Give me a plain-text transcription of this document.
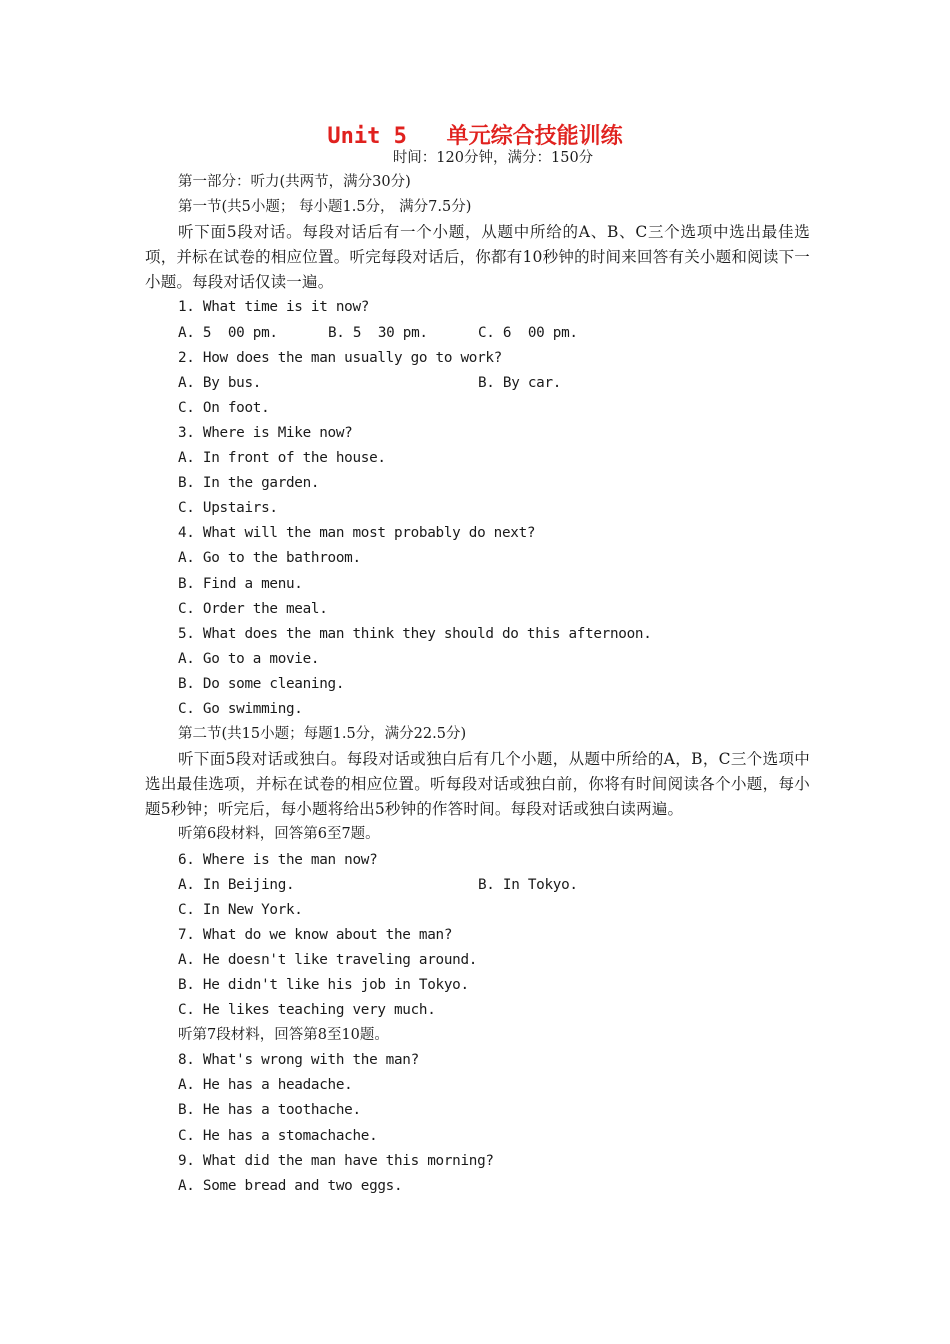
Unit 5   单元综合技能训练
时间：120分钟，满分：150分
第一部分：听力(共两节，满分30分)
第一节(共5小题； 每小题1.5分， 满分7.5分)
听下面5段对话。每段对话后有一个小题，从题中所给的A、B、C三个选项中选出最佳选项，并标在试卷的相应位置。听完每段对话后，你都有10秒钟的时间来回答有关小题和阅读下一小题。每段对话仅读一遍。
1. What time is it now?
A. 5  00 pm.	B. 5  30 pm.	C. 6  00 pm.
2. How does the man usually go to work?
A. By bus.	B. By car.
C. On foot.
3. Where is Mike now?
A. In front of the house.
B. In the garden.
C. Upstairs.
4. What will the man most probably do next?
A. Go to the bathroom.
B. Find a menu.
C. Order the meal.
5. What does the man think they should do this afternoon.
A. Go to a movie.
B. Do some cleaning.
C. Go swimming.
第二节(共15小题；每题1.5分，满分22.5分)
听下面5段对话或独白。每段对话或独白后有几个小题，从题中所给的A，B，C三个选项中选出最佳选项，并标在试卷的相应位置。听每段对话或独白前，你将有时间阅读各个小题，每小题5秒钟；听完后，每小题将给出5秒钟的作答时间。每段对话或独白读两遍。
听第6段材料，回答第6至7题。
6. Where is the man now?
A. In Beijing.	B. In Tokyo.
C. In New York.
7. What do we know about the man?
A. He doesn't like traveling around.
B. He didn't like his job in Tokyo.
C. He likes teaching very much.
听第7段材料，回答第8至10题。
8. What's wrong with the man?
A. He has a headache.
B. He has a toothache.
C. He has a stomachache.
9. What did the man have this morning?
A. Some bread and two eggs.
